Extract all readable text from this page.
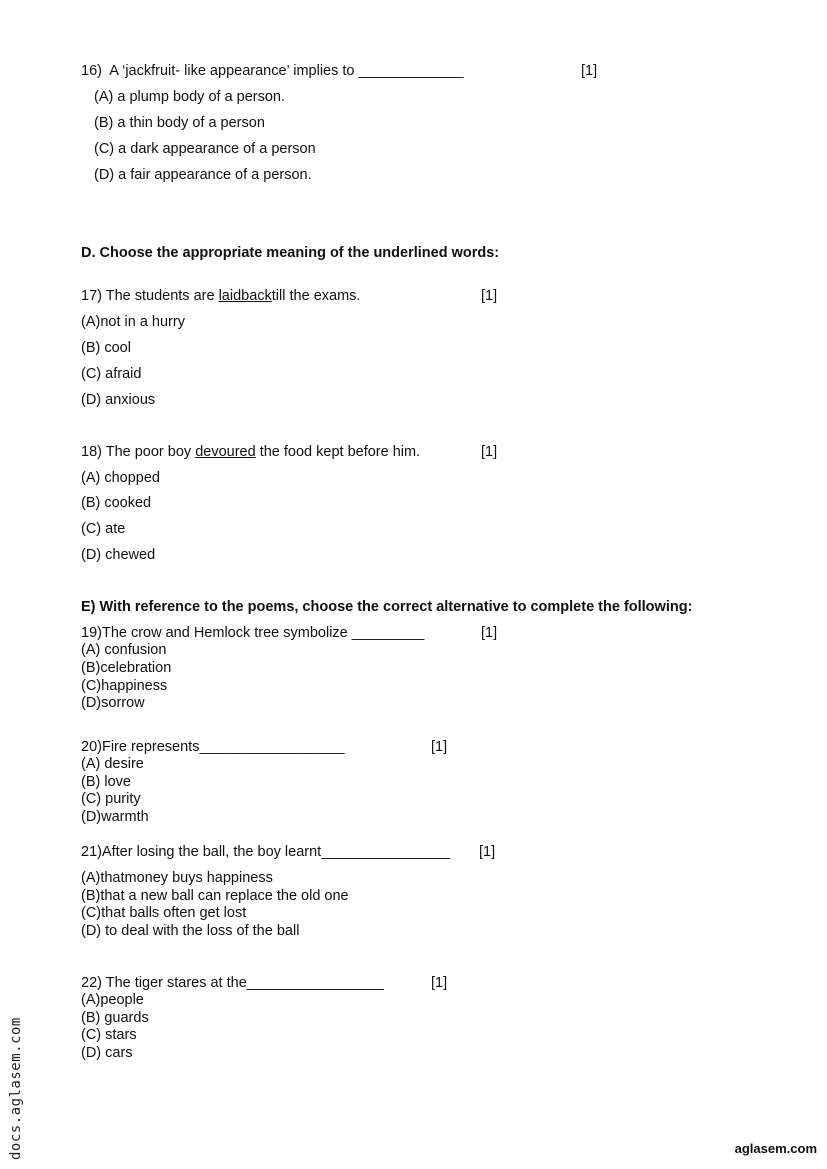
16)  A ‘jackfruit- like appearance’ implies to _____________	[1]
(A) a plump body of a person.
(B) a thin body of a person
(C) a dark appearance of a person
(D) a fair appearance of a person.
D. Choose the appropriate meaning of the underlined words:
17) The students are laidbacktill the exams.	[1]
(A)not in a hurry
(B) cool
(C) afraid
(D) anxious
18) The poor boy devoured the food kept before him.	[1]
(A) chopped
(B) cooked
(C) ate
(D) chewed
E) With reference to the poems, choose the correct alternative to complete the following:
19)The crow and Hemlock tree symbolize _________	[1]
(A) confusion
(B)celebration
(C)happiness
(D)sorrow
20)Fire represents__________________	[1]
(A) desire
(B) love
(C) purity
(D)warmth
21)After losing the ball, the boy learnt________________ [1]
(A)thatmoney buys happiness
(B)that a new ball can replace the old one
(C)that balls often get lost
(D) to deal with the loss of the ball
22) The tiger stares at the_________________	[1]
(A)people
(B) guards
(C) stars
(D) cars
docs.aglasem.com	aglasem.com
